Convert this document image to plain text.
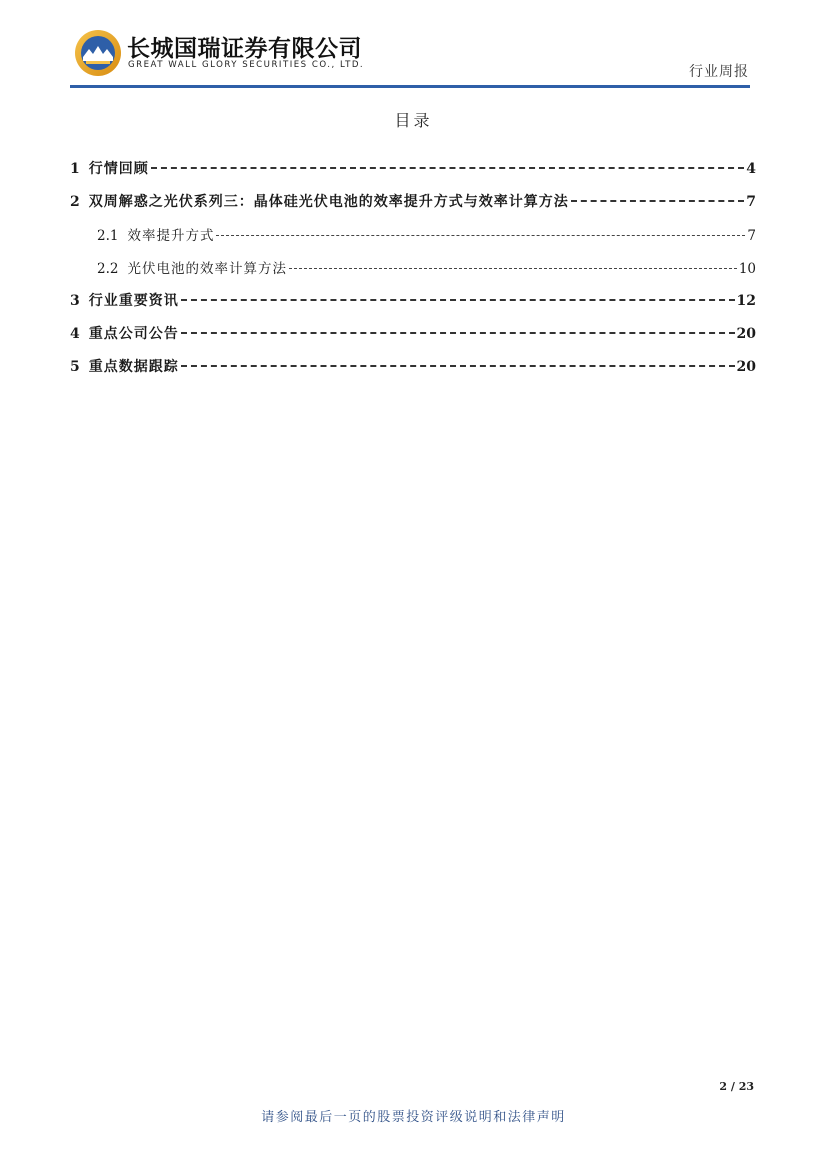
长城国瑞证券有限公司
GREAT WALL GLORY SECURITIES CO., LTD.	行业周报
目录
1 行情回顾	4
2 双周解惑之光伏系列三：晶体硅光伏电池的效率提升方式与效率计算方法	7
2.1 效率提升方式	7
2.2 光伏电池的效率计算方法	10
3 行业重要资讯	12
4 重点公司公告	20
5 重点数据跟踪	20
2 / 23
请参阅最后一页的股票投资评级说明和法律声明
